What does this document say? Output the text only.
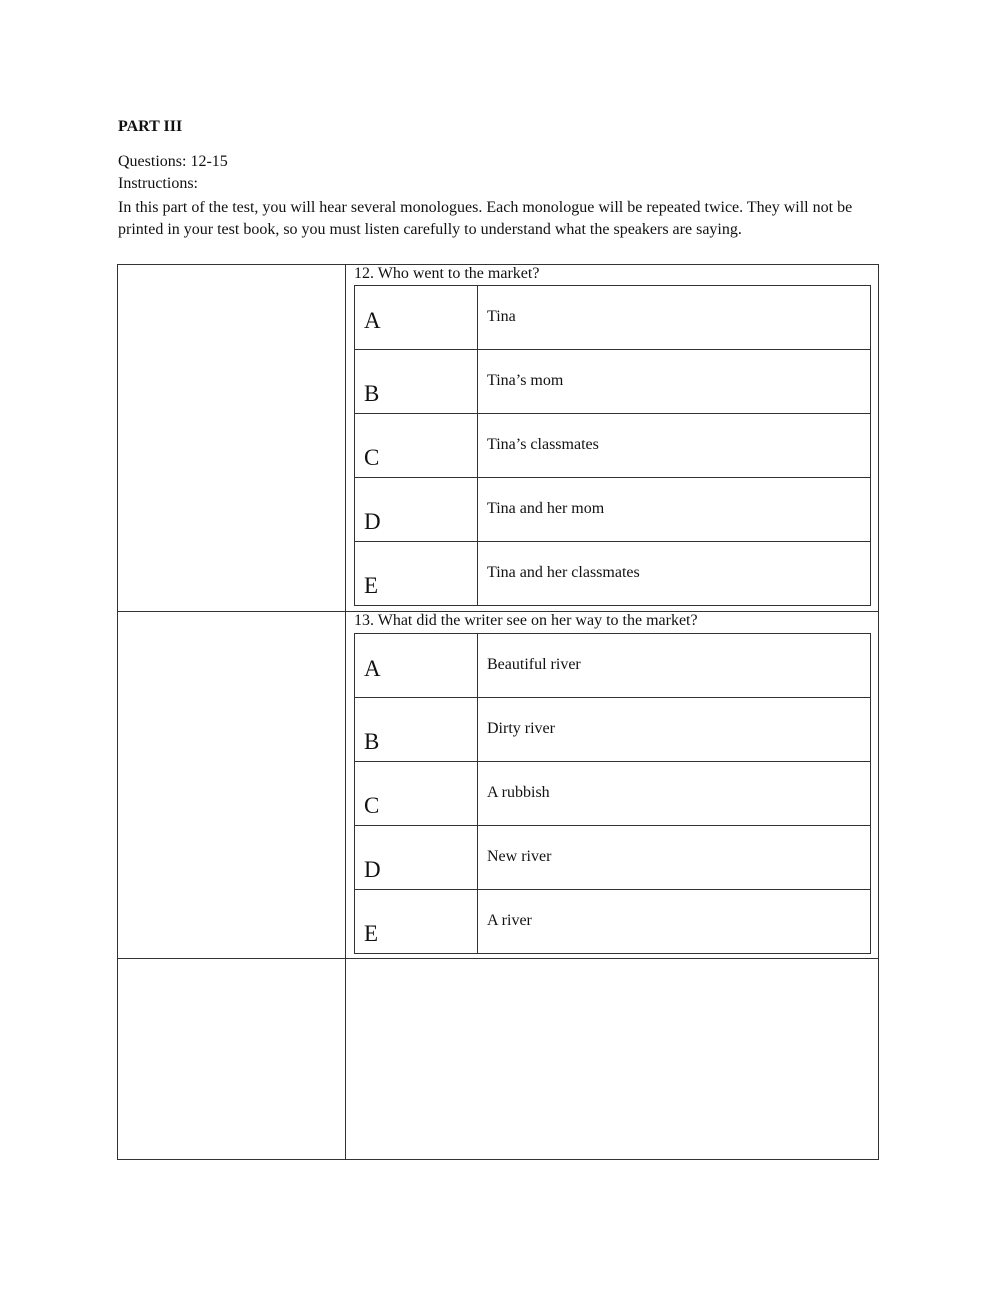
PART III
Questions: 12-15
Instructions:
In this part of the test, you will hear several monologues. Each monologue will be repeated twice. They will not be printed in your test book, so you must listen carefully to understand what the speakers are saying.
12. Who went to the market?
A	Tina

B	Tina’s mom

C	Tina’s classmates

D	Tina and her mom

E	Tina and her classmates
13. What did the writer see on her way to the market?
A	Beautiful river

B	Dirty river

C	A rubbish

D	New river

E	A river
